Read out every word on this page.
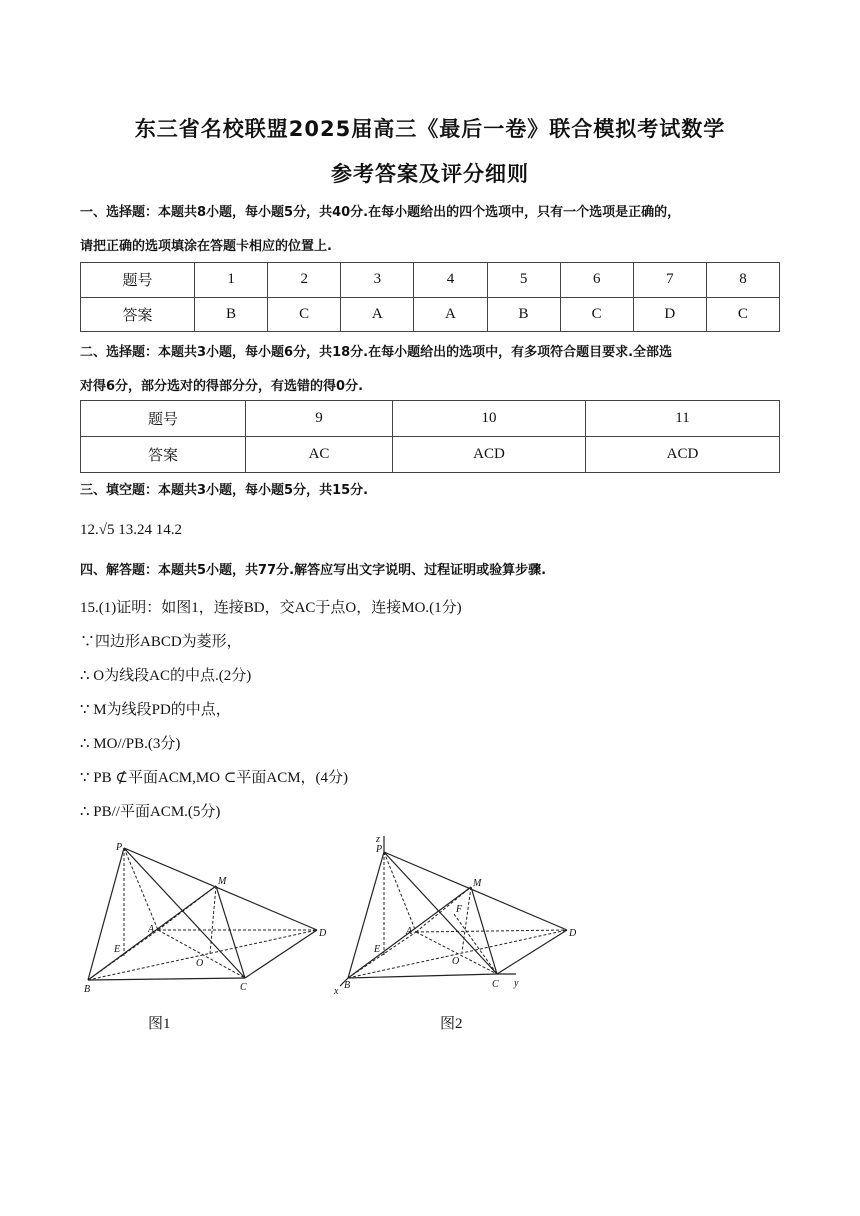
东三省名校联盟2025届高三《最后一卷》联合模拟考试数学
参考答案及评分细则
一、选择题：本题共8小题，每小题5分，共40分.在每小题给出的四个选项中，只有一个选项是正确的，
请把正确的选项填涂在答题卡相应的位置上.
题号	1	2	3	4	5	6	7	8
答案	B	C	A	A	B	C	D	C
二、选择题：本题共3小题，每小题6分，共18分.在每小题给出的选项中，有多项符合题目要求.全部选
对得6分，部分选对的得部分分，有选错的得0分.
题号	9	10	11
答案	AC	ACD	ACD
三、填空题：本题共3小题，每小题5分，共15分.
12.√5 13.24 14.2
四、解答题：本题共5小题，共77分.解答应写出文字说明、过程证明或验算步骤.
15.(1)证明：如图1，连接BD，交AC于点O，连接MO.(1分)
∵四边形ABCD为菱形，
∴ O为线段AC的中点.(2分)
∵ M为线段PD的中点，
∴ MO//PB.(3分)
∵ PB ⊄平面ACM,MO ⊂平面ACM，(4分)
∴ PB//平面ACM.(5分)
P
M
A
E
O
B	C
D
图1
P
M
F
A
E
O
B	C
D
x
y
z
图2
